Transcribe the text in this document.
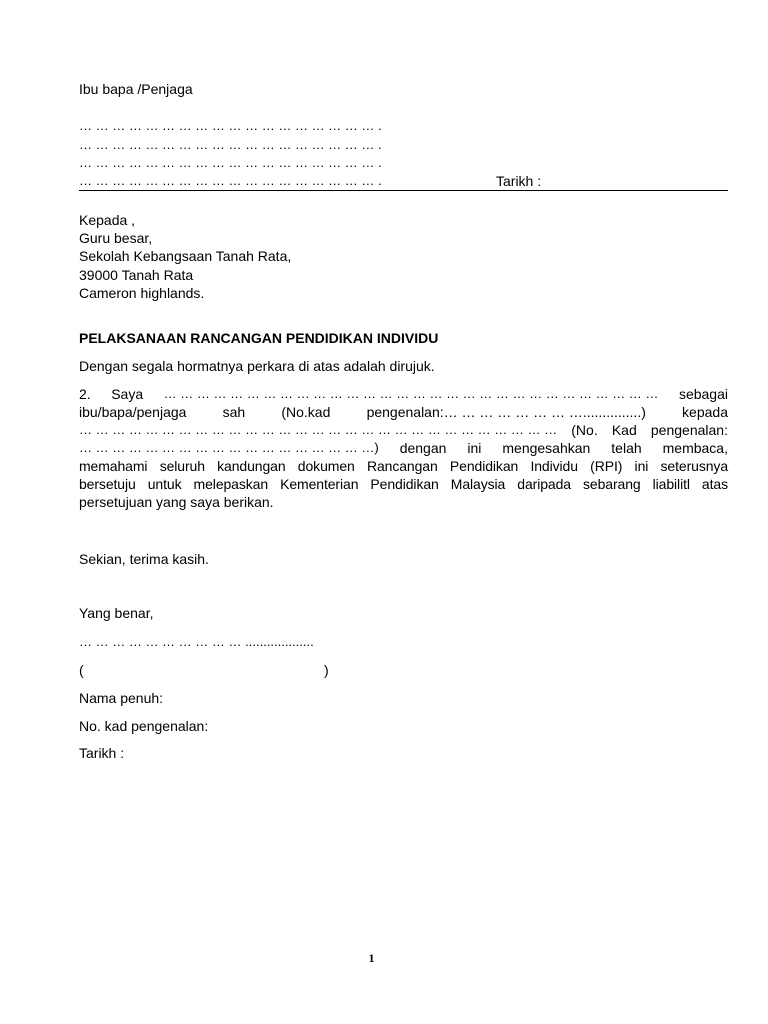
Ibu bapa /Penjaga
… … … … … … … … … … … … … … … … … … .
… … … … … … … … … … … … … … … … … … .
… … … … … … … … … … … … … … … … … … .
… … … … … … … … … … … … … … … … … … .	Tarikh :
Kepada ,
Guru besar,
Sekolah Kebangsaan Tanah Rata,
39000 Tanah Rata
Cameron highlands.
PELAKSANAAN RANCANGAN PENDIDIKAN INDIVIDU
Dengan segala hormatnya perkara di atas adalah dirujuk.
2. Saya … … … … … … … … … … … … … … … … … … … … … … … … … … … … … … sebagai
ibu/bapa/penjaga	sah	(No.kad	pengenalan:… … … … … … … …...............)	kepada
… … … … … … … … … … … … … … … … … … … … … … … … … … … … … (No. Kad pengenalan:
… … … … … … … … … … … … … … … … … …) dengan ini mengesahkan telah membaca,
memahami seluruh kandungan dokumen Rancangan Pendidikan Individu (RPI) ini seterusnya
bersetuju untuk melepaskan Kementerian Pendidikan Malaysia daripada sebarang liabilitl atas
persetujuan yang saya berikan.
Sekian, terima kasih.
Yang benar,
… … … … … … … … … … ...................
(	)
Nama penuh:
No. kad pengenalan:
Tarikh :
1
